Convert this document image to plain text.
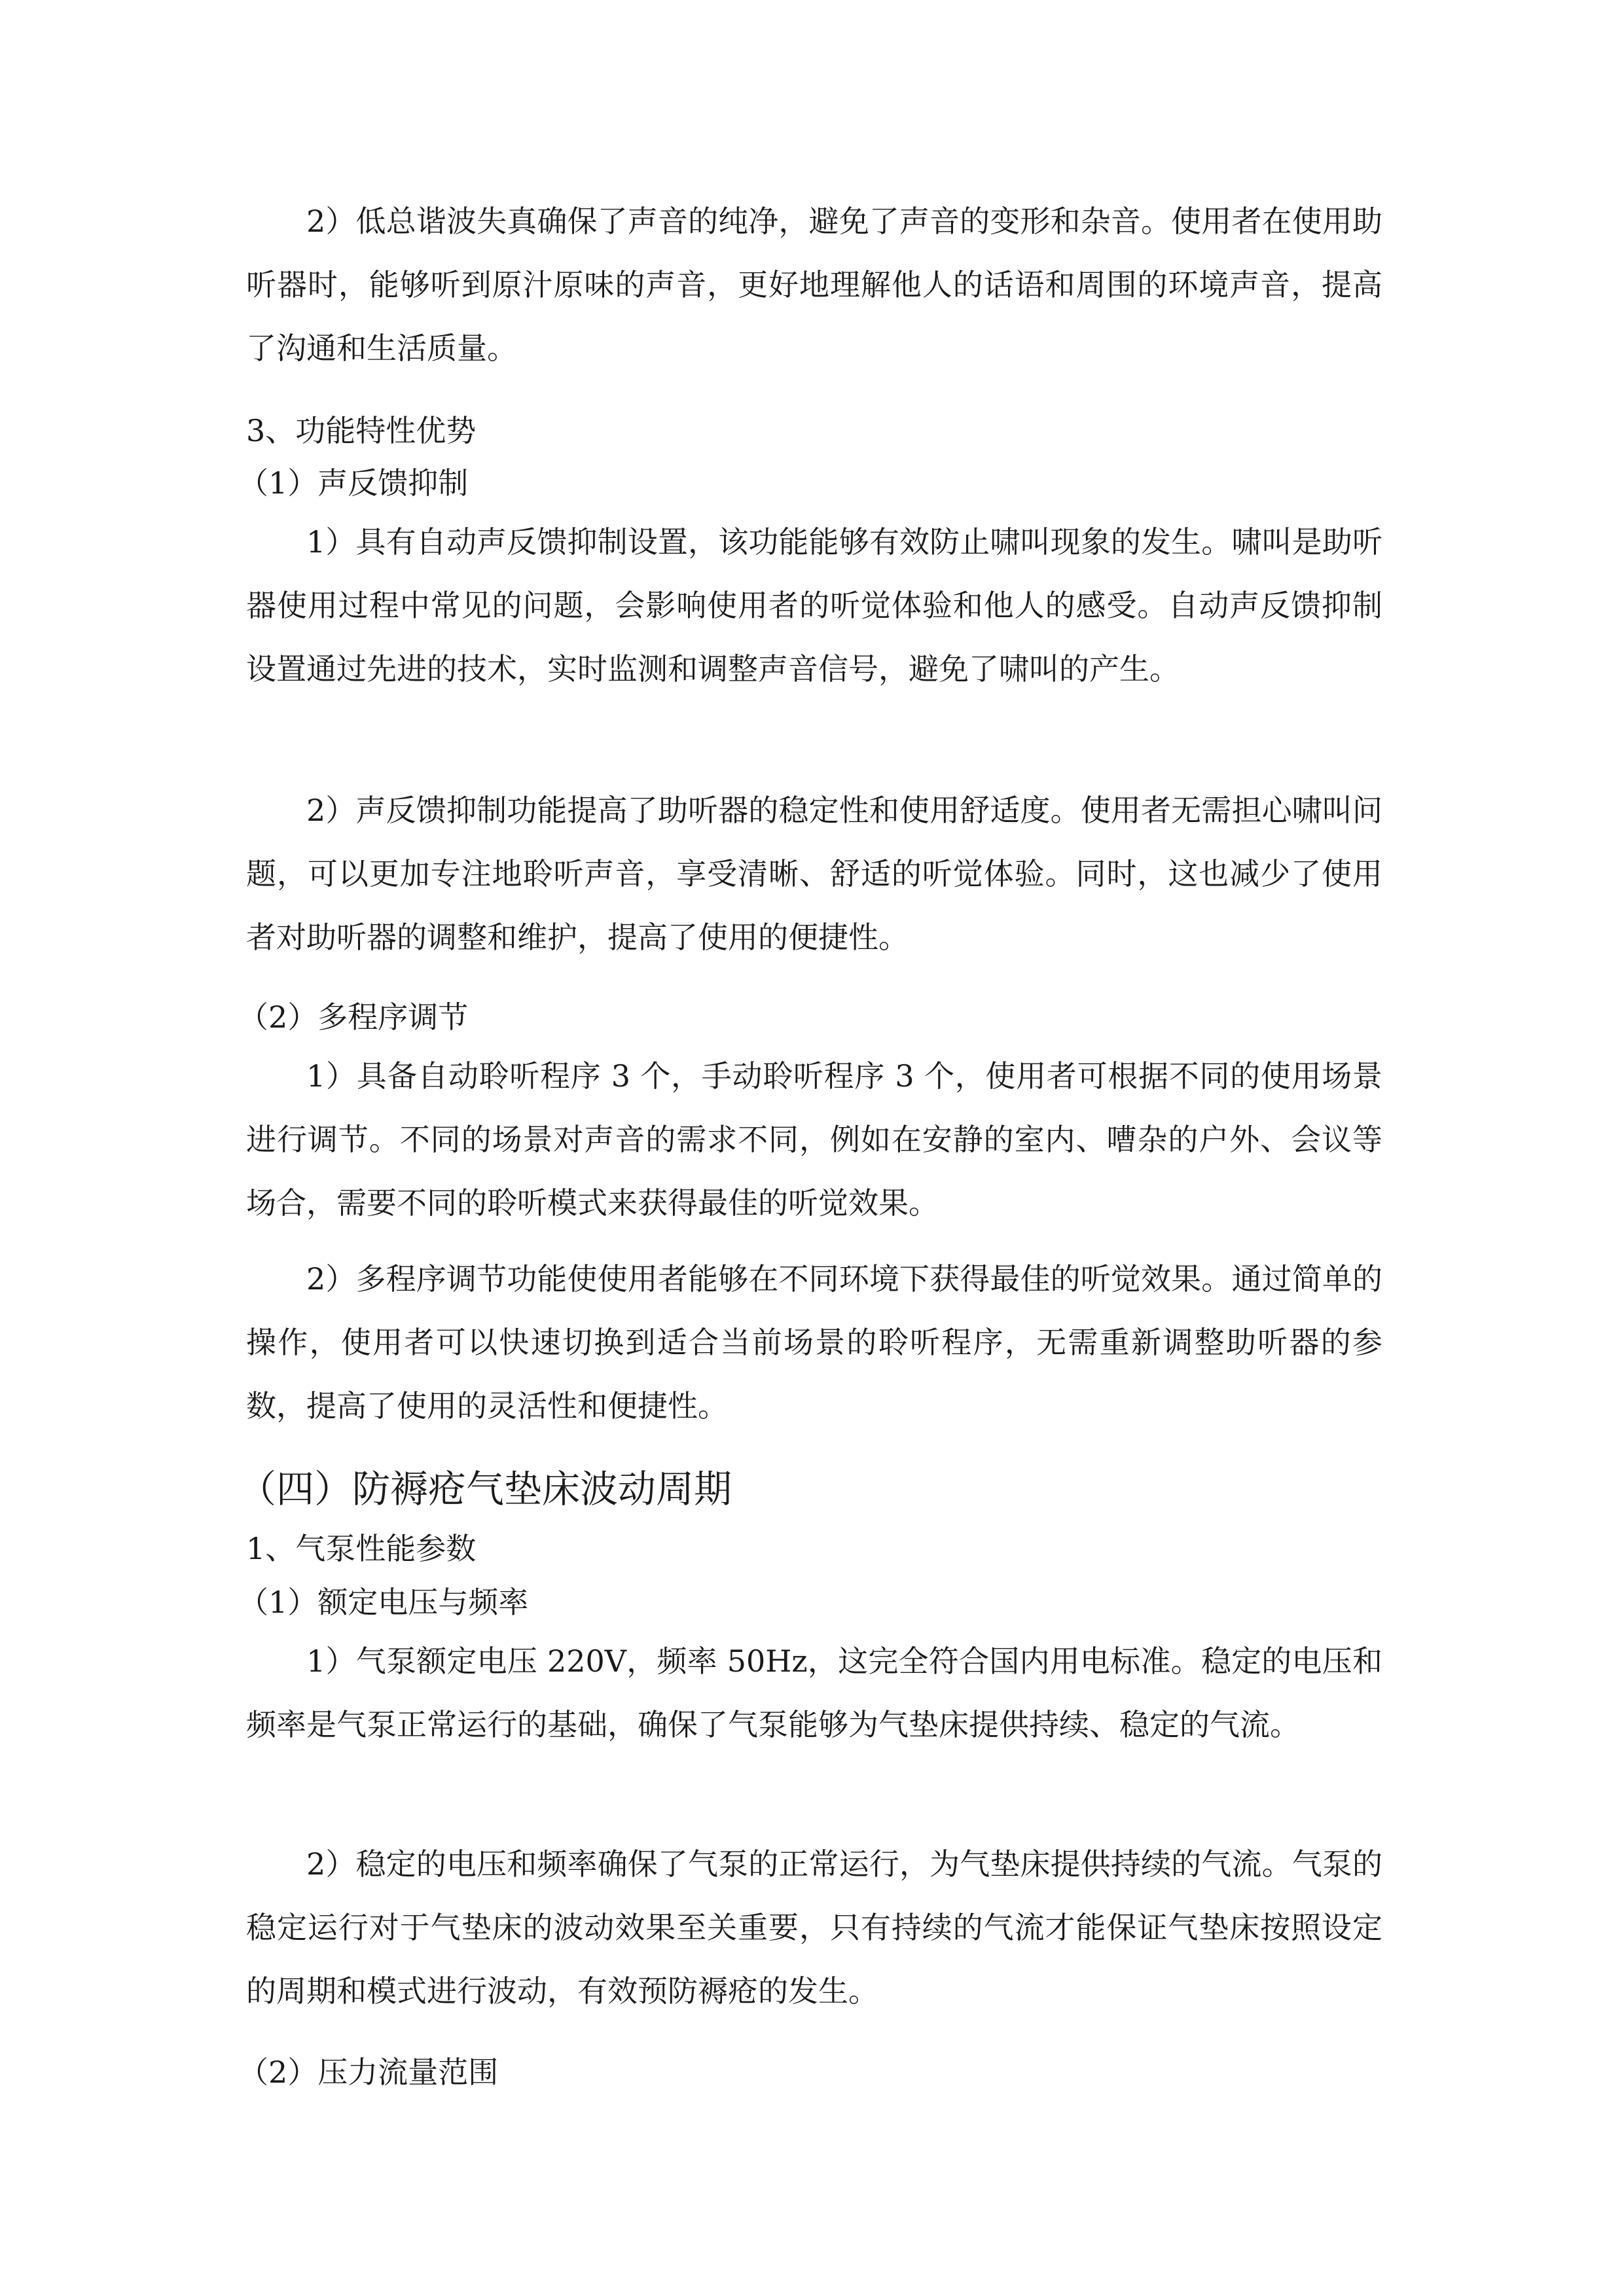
2）低总谐波失真确保了声音的纯净，避免了声音的变形和杂音。使用者在使用助听器时，能够听到原汁原味的声音，更好地理解他人的话语和周围的环境声音，提高了沟通和生活质量。

3、功能特性优势

（1）声反馈抑制

1）具有自动声反馈抑制设置，该功能能够有效防止啸叫现象的发生。啸叫是助听器使用过程中常见的问题，会影响使用者的听觉体验和他人的感受。自动声反馈抑制设置通过先进的技术，实时监测和调整声音信号，避免了啸叫的产生。

2）声反馈抑制功能提高了助听器的稳定性和使用舒适度。使用者无需担心啸叫问题，可以更加专注地聆听声音，享受清晰、舒适的听觉体验。同时，这也减少了使用者对助听器的调整和维护，提高了使用的便捷性。

（2）多程序调节

1）具备自动聆听程序 3 个，手动聆听程序 3 个，使用者可根据不同的使用场景进行调节。不同的场景对声音的需求不同，例如在安静的室内、嘈杂的户外、会议等场合，需要不同的聆听模式来获得最佳的听觉效果。

2）多程序调节功能使使用者能够在不同环境下获得最佳的听觉效果。通过简单的操作，使用者可以快速切换到适合当前场景的聆听程序，无需重新调整助听器的参数，提高了使用的灵活性和便捷性。

（四）防褥疮气垫床波动周期

1、气泵性能参数

（1）额定电压与频率

1）气泵额定电压 220V，频率 50Hz，这完全符合国内用电标准。稳定的电压和频率是气泵正常运行的基础，确保了气泵能够为气垫床提供持续、稳定的气流。

2）稳定的电压和频率确保了气泵的正常运行，为气垫床提供持续的气流。气泵的稳定运行对于气垫床的波动效果至关重要，只有持续的气流才能保证气垫床按照设定的周期和模式进行波动，有效预防褥疮的发生。

（2）压力流量范围
